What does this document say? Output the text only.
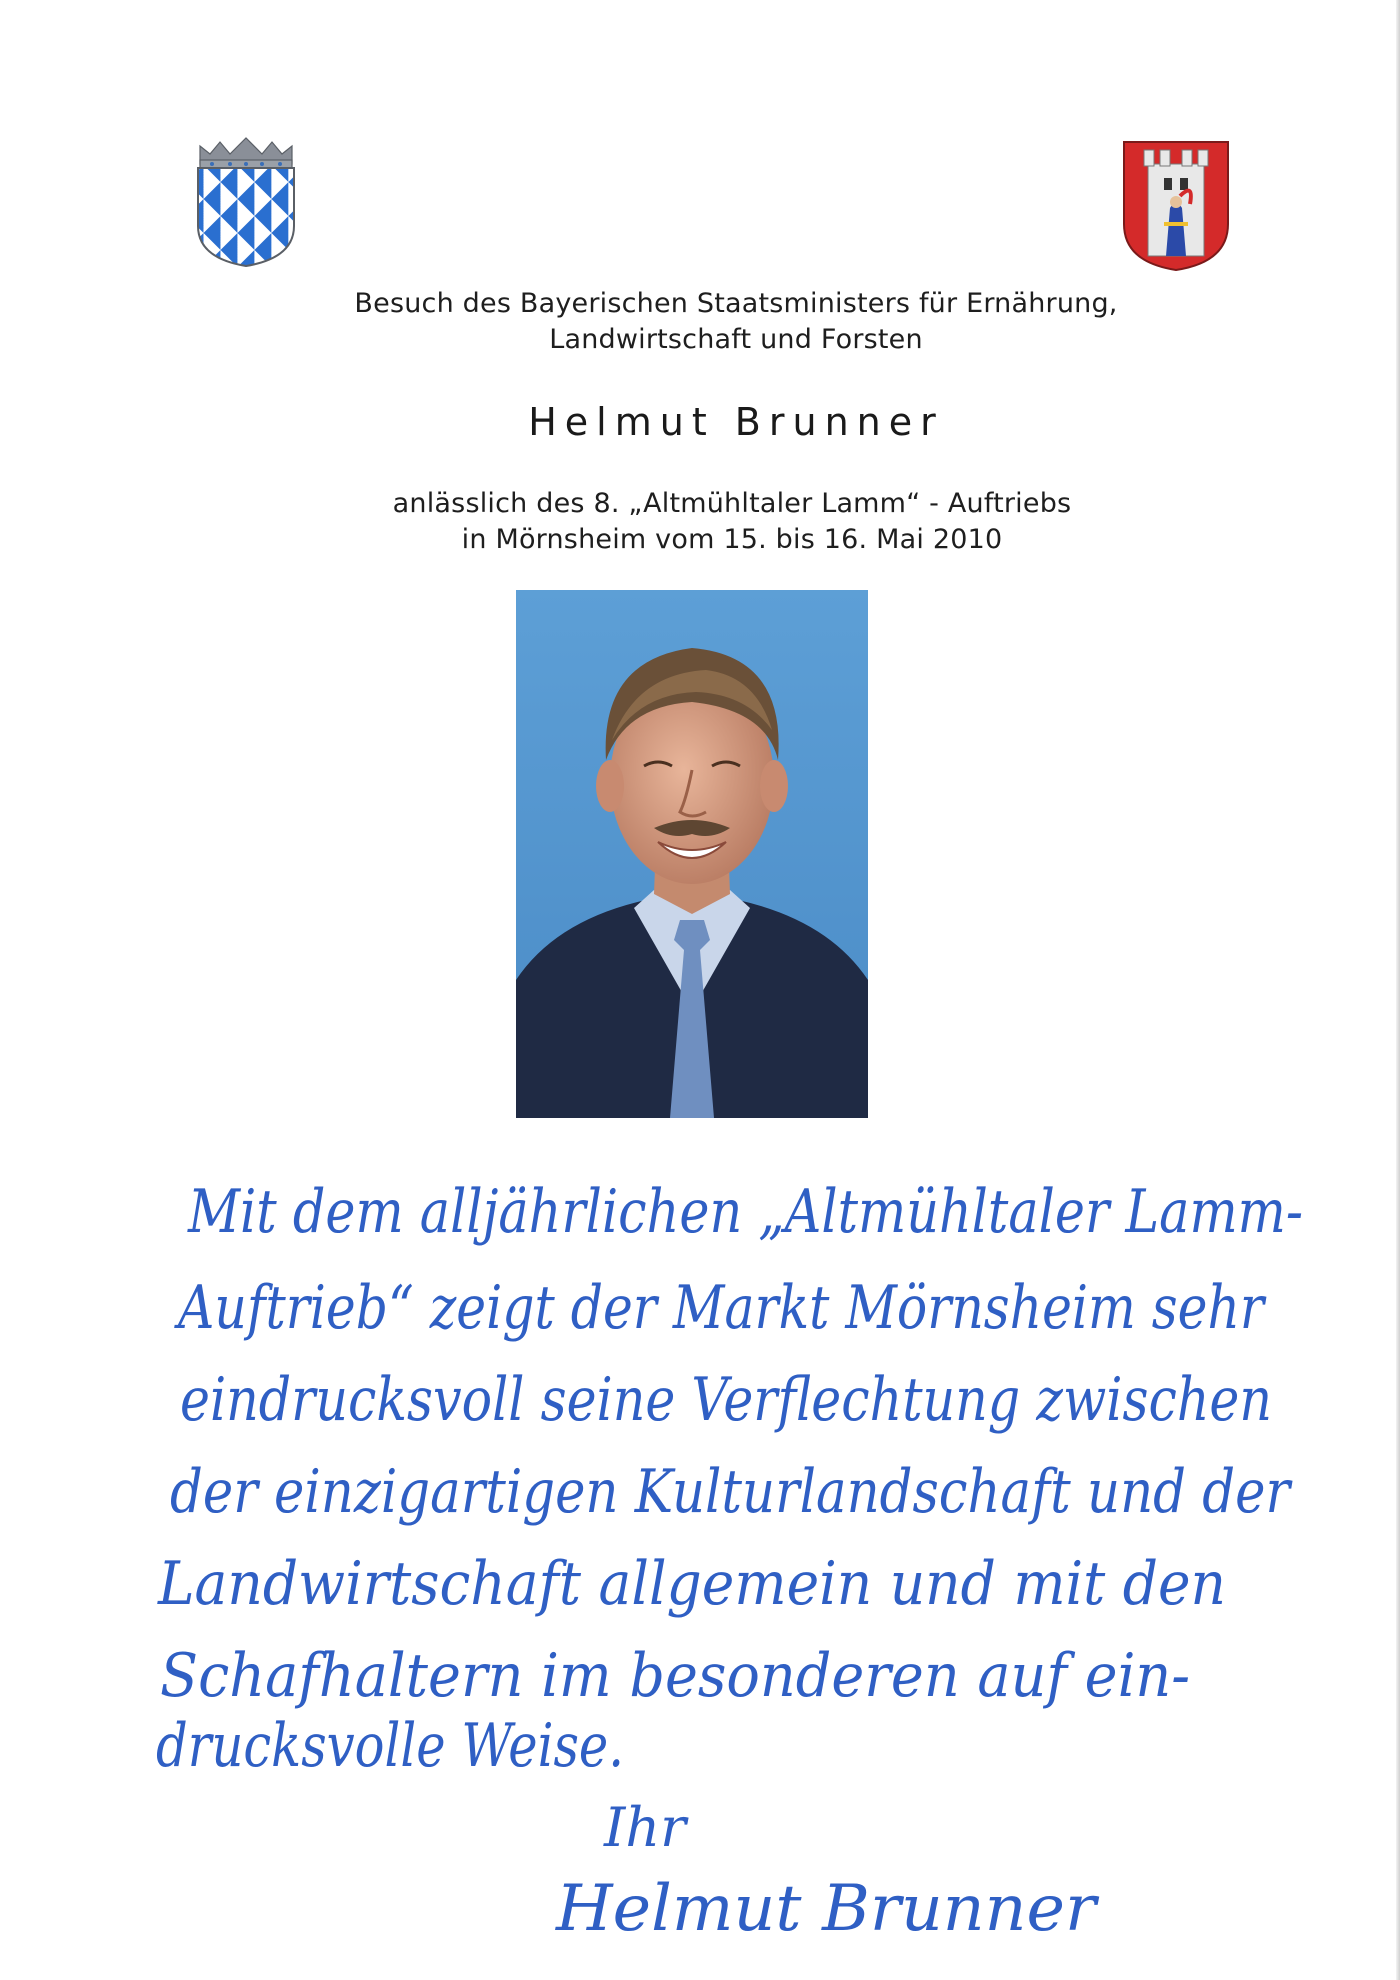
Besuch des Bayerischen Staatsministers für Ernährung,
Landwirtschaft und Forsten
Helmut Brunner
anlässlich des 8. „Altmühltaler Lamm“ - Auftriebs
in Mörnsheim vom 15. bis 16. Mai 2010
Mit dem alljährlichen „Altmühltaler Lamm-
Auftrieb“ zeigt der Markt Mörnsheim sehr
eindrucksvoll seine Verflechtung zwischen
der einzigartigen Kulturlandschaft und der
Landwirtschaft allgemein und mit den
Schafhaltern im besonderen auf ein-
drucksvolle Weise.
Ihr
Helmut Brunner
